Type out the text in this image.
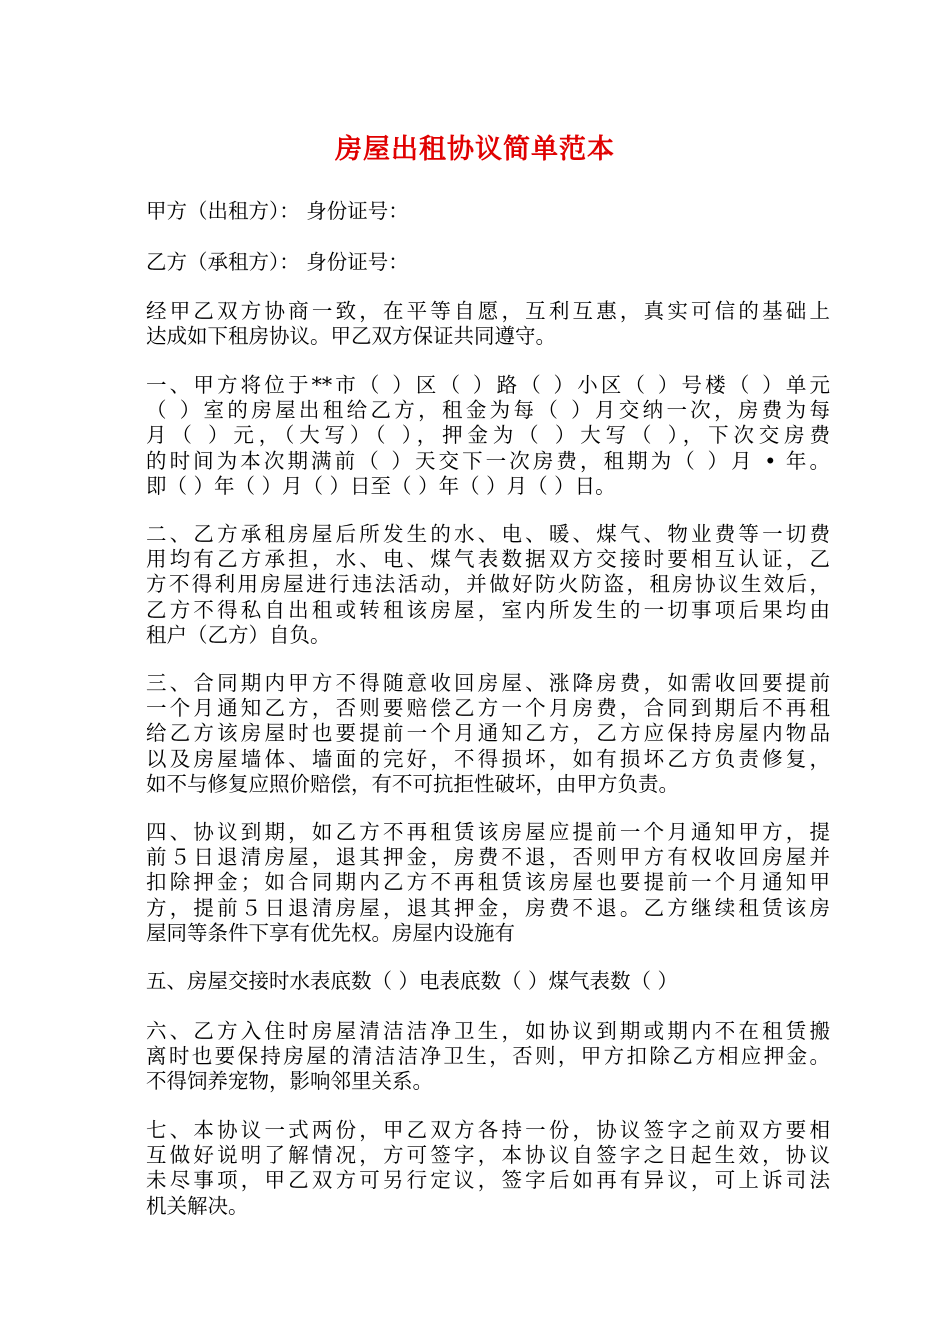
房屋出租协议简单范本
甲方（出租方）： 身份证号：
乙方（承租方）： 身份证号：
经甲乙双方协商一致，在平等自愿，互利互惠，真实可信的基础上
达成如下租房协议。甲乙双方保证共同遵守。
一、甲方将位于**市（ ）区（ ）路（ ）小区（ ）号楼（ ）单元
（ ）室的房屋出租给乙方，租金为每（ ）月交纳一次，房费为每
月（ ）元，（大写）（ ），押金为（ ）大写（ ），下次交房费
的时间为本次期满前（ ）天交下一次房费，租期为（ ）月 • 年。
即（ ）年（ ）月（ ）日至（ ）年（ ）月（ ）日。
二、乙方承租房屋后所发生的水、电、暖、煤气、物业费等一切费
用均有乙方承担，水、电、煤气表数据双方交接时要相互认证，乙
方不得利用房屋进行违法活动，并做好防火防盗，租房协议生效后，
乙方不得私自出租或转租该房屋，室内所发生的一切事项后果均由
租户（乙方）自负。
三、合同期内甲方不得随意收回房屋、涨降房费，如需收回要提前
一个月通知乙方，否则要赔偿乙方一个月房费，合同到期后不再租
给乙方该房屋时也要提前一个月通知乙方，乙方应保持房屋内物品
以及房屋墙体、墙面的完好，不得损坏，如有损坏乙方负责修复，
如不与修复应照价赔偿，有不可抗拒性破坏，由甲方负责。
四、协议到期，如乙方不再租赁该房屋应提前一个月通知甲方，提
前５日退清房屋，退其押金，房费不退，否则甲方有权收回房屋并
扣除押金；如合同期内乙方不再租赁该房屋也要提前一个月通知甲
方，提前５日退清房屋，退其押金，房费不退。乙方继续租赁该房
屋同等条件下享有优先权。房屋内设施有
五、房屋交接时水表底数（ ）电表底数（ ）煤气表数（ ）
六、乙方入住时房屋清洁洁净卫生，如协议到期或期内不在租赁搬
离时也要保持房屋的清洁洁净卫生，否则，甲方扣除乙方相应押金。
不得饲养宠物，影响邻里关系。
七、本协议一式两份，甲乙双方各持一份，协议签字之前双方要相
互做好说明了解情况，方可签字，本协议自签字之日起生效，协议
未尽事项，甲乙双方可另行定议，签字后如再有异议，可上诉司法
机关解决。
